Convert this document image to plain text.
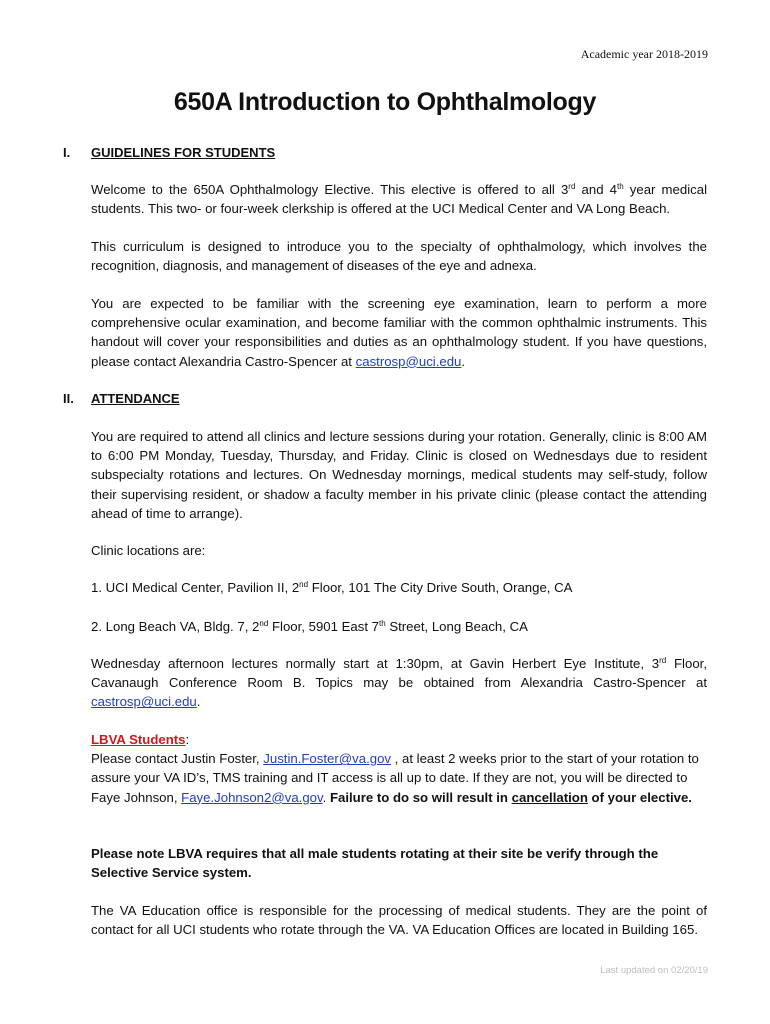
Academic year 2018-2019
650A Introduction to Ophthalmology
I. GUIDELINES FOR STUDENTS
Welcome to the 650A Ophthalmology Elective. This elective is offered to all 3rd and 4th year medical students. This two- or four-week clerkship is offered at the UCI Medical Center and VA Long Beach.
This curriculum is designed to introduce you to the specialty of ophthalmology, which involves the recognition, diagnosis, and management of diseases of the eye and adnexa.
You are expected to be familiar with the screening eye examination, learn to perform a more comprehensive ocular examination, and become familiar with the common ophthalmic instruments. This handout will cover your responsibilities and duties as an ophthalmology student. If you have questions, please contact Alexandria Castro-Spencer at castrosp@uci.edu.
II. ATTENDANCE
You are required to attend all clinics and lecture sessions during your rotation. Generally, clinic is 8:00 AM to 6:00 PM Monday, Tuesday, Thursday, and Friday. Clinic is closed on Wednesdays due to resident subspecialty rotations and lectures. On Wednesday mornings, medical students may self-study, follow their supervising resident, or shadow a faculty member in his private clinic (please contact the attending ahead of time to arrange).
Clinic locations are:
1. UCI Medical Center, Pavilion II, 2nd Floor, 101 The City Drive South, Orange, CA
2. Long Beach VA, Bldg. 7, 2nd Floor, 5901 East 7th Street, Long Beach, CA
Wednesday afternoon lectures normally start at 1:30pm, at Gavin Herbert Eye Institute, 3rd Floor, Cavanaugh Conference Room B. Topics may be obtained from Alexandria Castro-Spencer at castrosp@uci.edu.
LBVA Students:
Please contact Justin Foster, Justin.Foster@va.gov , at least 2 weeks prior to the start of your rotation to assure your VA ID’s, TMS training and IT access is all up to date. If they are not, you will be directed to Faye Johnson, Faye.Johnson2@va.gov. Failure to do so will result in cancellation of your elective.
Please note LBVA requires that all male students rotating at their site be verify through the Selective Service system.
The VA Education office is responsible for the processing of medical students. They are the point of contact for all UCI students who rotate through the VA. VA Education Offices are located in Building 165.
Last updated on 02/20/19
